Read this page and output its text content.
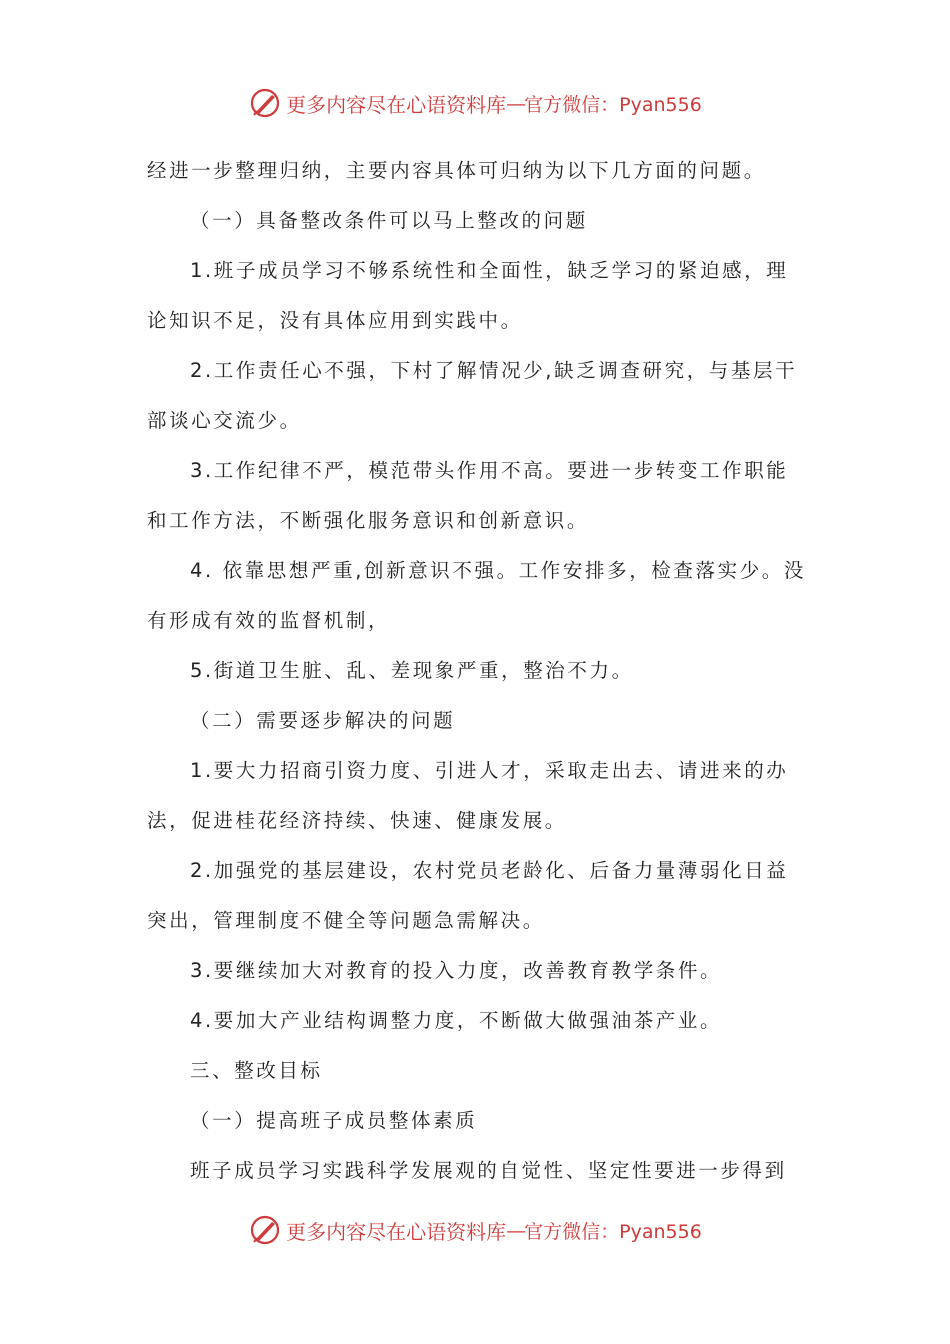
更多内容尽在心语资料库 — 官方微信：Pyan556
经进一步整理归纳，主要内容具体可归纳为以下几方面的问题。
（一）具备整改条件可以马上整改的问题
1.班子成员学习不够系统性和全面性，缺乏学习的紧迫感，理
论知识不足，没有具体应用到实践中。
2.工作责任心不强，下村了解情况少,缺乏调查研究，与基层干
部谈心交流少。
3.工作纪律不严，模范带头作用不高。要进一步转变工作职能
和工作方法，不断强化服务意识和创新意识。
4. 依靠思想严重,创新意识不强。工作安排多，检查落实少。没
有形成有效的监督机制，
5.街道卫生脏、乱、差现象严重，整治不力。
（二）需要逐步解决的问题
1.要大力招商引资力度、引进人才，采取走出去、请进来的办
法，促进桂花经济持续、快速、健康发展。
2.加强党的基层建设，农村党员老龄化、后备力量薄弱化日益
突出，管理制度不健全等问题急需解决。
3.要继续加大对教育的投入力度，改善教育教学条件。
4.要加大产业结构调整力度，不断做大做强油茶产业。
三、整改目标
（一）提高班子成员整体素质
班子成员学习实践科学发展观的自觉性、坚定性要进一步得到
更多内容尽在心语资料库 — 官方微信：Pyan556
